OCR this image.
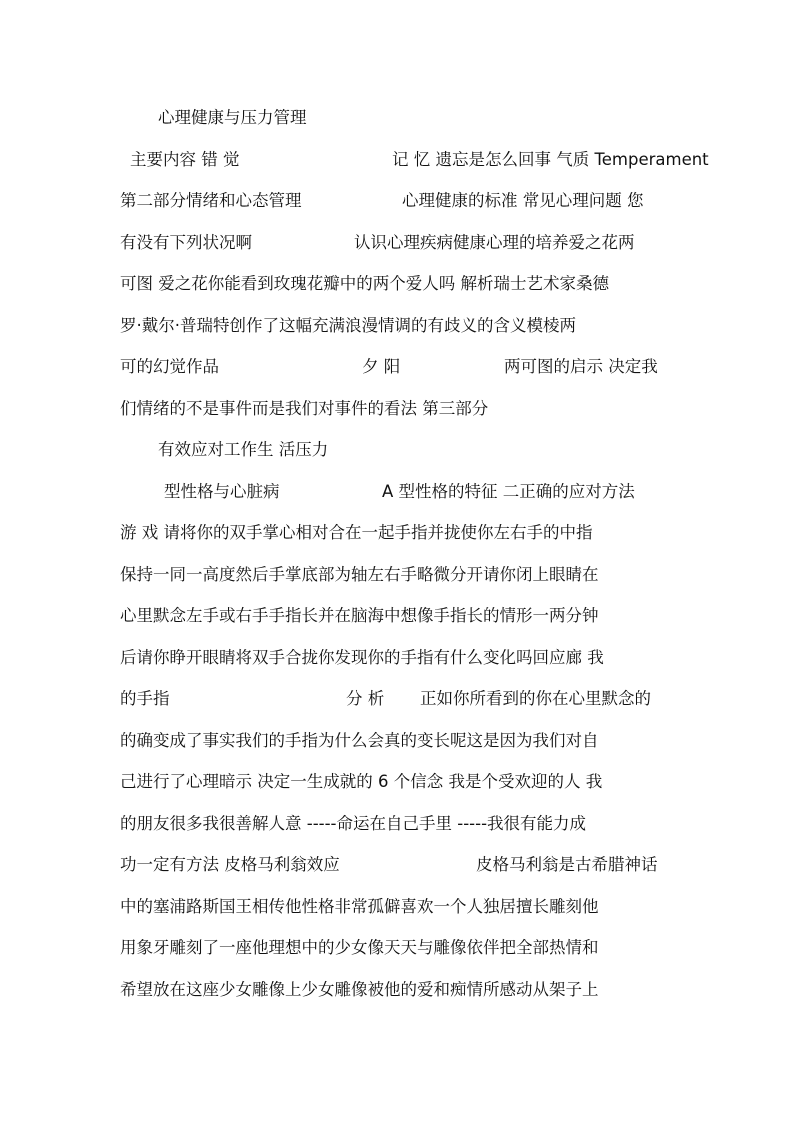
心理健康与压力管理
主要内容 错 觉	记 忆 遗忘是怎么回事 气质 Temperament
第二部分情绪和心态管理	心理健康的标准 常见心理问题 您
有没有下列状况啊	认识心理疾病健康心理的培养爱之花两
可图 爱之花你能看到玫瑰花瓣中的两个爱人吗 解析瑞士艺术家桑德
罗·戴尔·普瑞特创作了这幅充满浪漫情调的有歧义的含义模棱两
可的幻觉作品	夕 阳	两可图的启示 决定我
们情绪的不是事件而是我们对事件的看法 第三部分
有效应对工作生 活压力
型性格与心脏病	A 型性格的特征 二正确的应对方法
游 戏 请将你的双手掌心相对合在一起手指并拢使你左右手的中指
保持一同一高度然后手掌底部为轴左右手略微分开请你闭上眼睛在
心里默念左手或右手手指长并在脑海中想像手指长的情形一两分钟
后请你睁开眼睛将双手合拢你发现你的手指有什么变化吗回应廊 我
的手指	分 析 正如你所看到的你在心里默念的
的确变成了事实我们的手指为什么会真的变长呢这是因为我们对自
己进行了心理暗示 决定一生成就的 6 个信念 我是个受欢迎的人 我
的朋友很多我很善解人意 -----命运在自己手里 -----我很有能力成
功一定有方法 皮格马利翁效应	皮格马利翁是古希腊神话
中的塞浦路斯国王相传他性格非常孤僻喜欢一个人独居擅长雕刻他
用象牙雕刻了一座他理想中的少女像天天与雕像依伴把全部热情和
希望放在这座少女雕像上少女雕像被他的爱和痴情所感动从架子上
